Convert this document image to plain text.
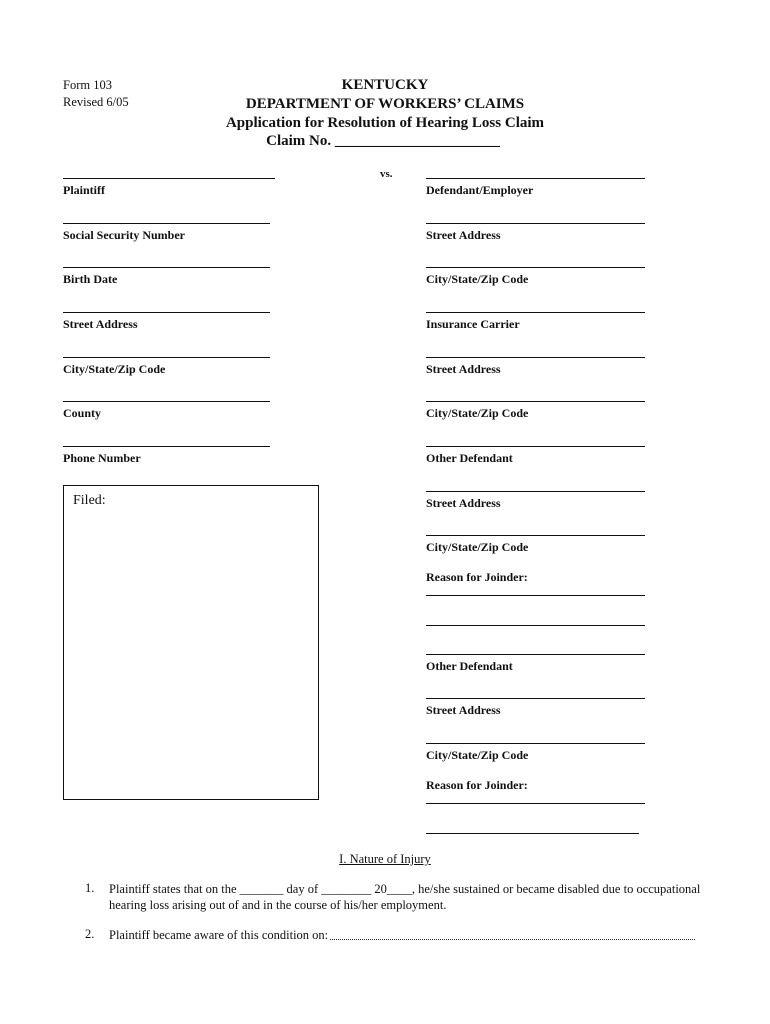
Form 103
Revised 6/05
KENTUCKY
DEPARTMENT OF WORKERS’ CLAIMS
Application for Resolution of Hearing Loss Claim
Claim No. ______________________
vs.
Plaintiff
Social Security Number
Birth Date
Street Address
City/State/Zip Code
County
Phone Number
Filed:
Defendant/Employer
Street Address
City/State/Zip Code
Insurance Carrier
Street Address
City/State/Zip Code
Other Defendant
Street Address
City/State/Zip Code
Reason for Joinder:
Other Defendant
Street Address
City/State/Zip Code
Reason for Joinder:
I. Nature of Injury
1. Plaintiff states that on the _______ day of ________ 20____, he/she sustained or became disabled due to occupational
hearing loss arising out of and in the course of his/her employment.
2. Plaintiff became aware of this condition on:
